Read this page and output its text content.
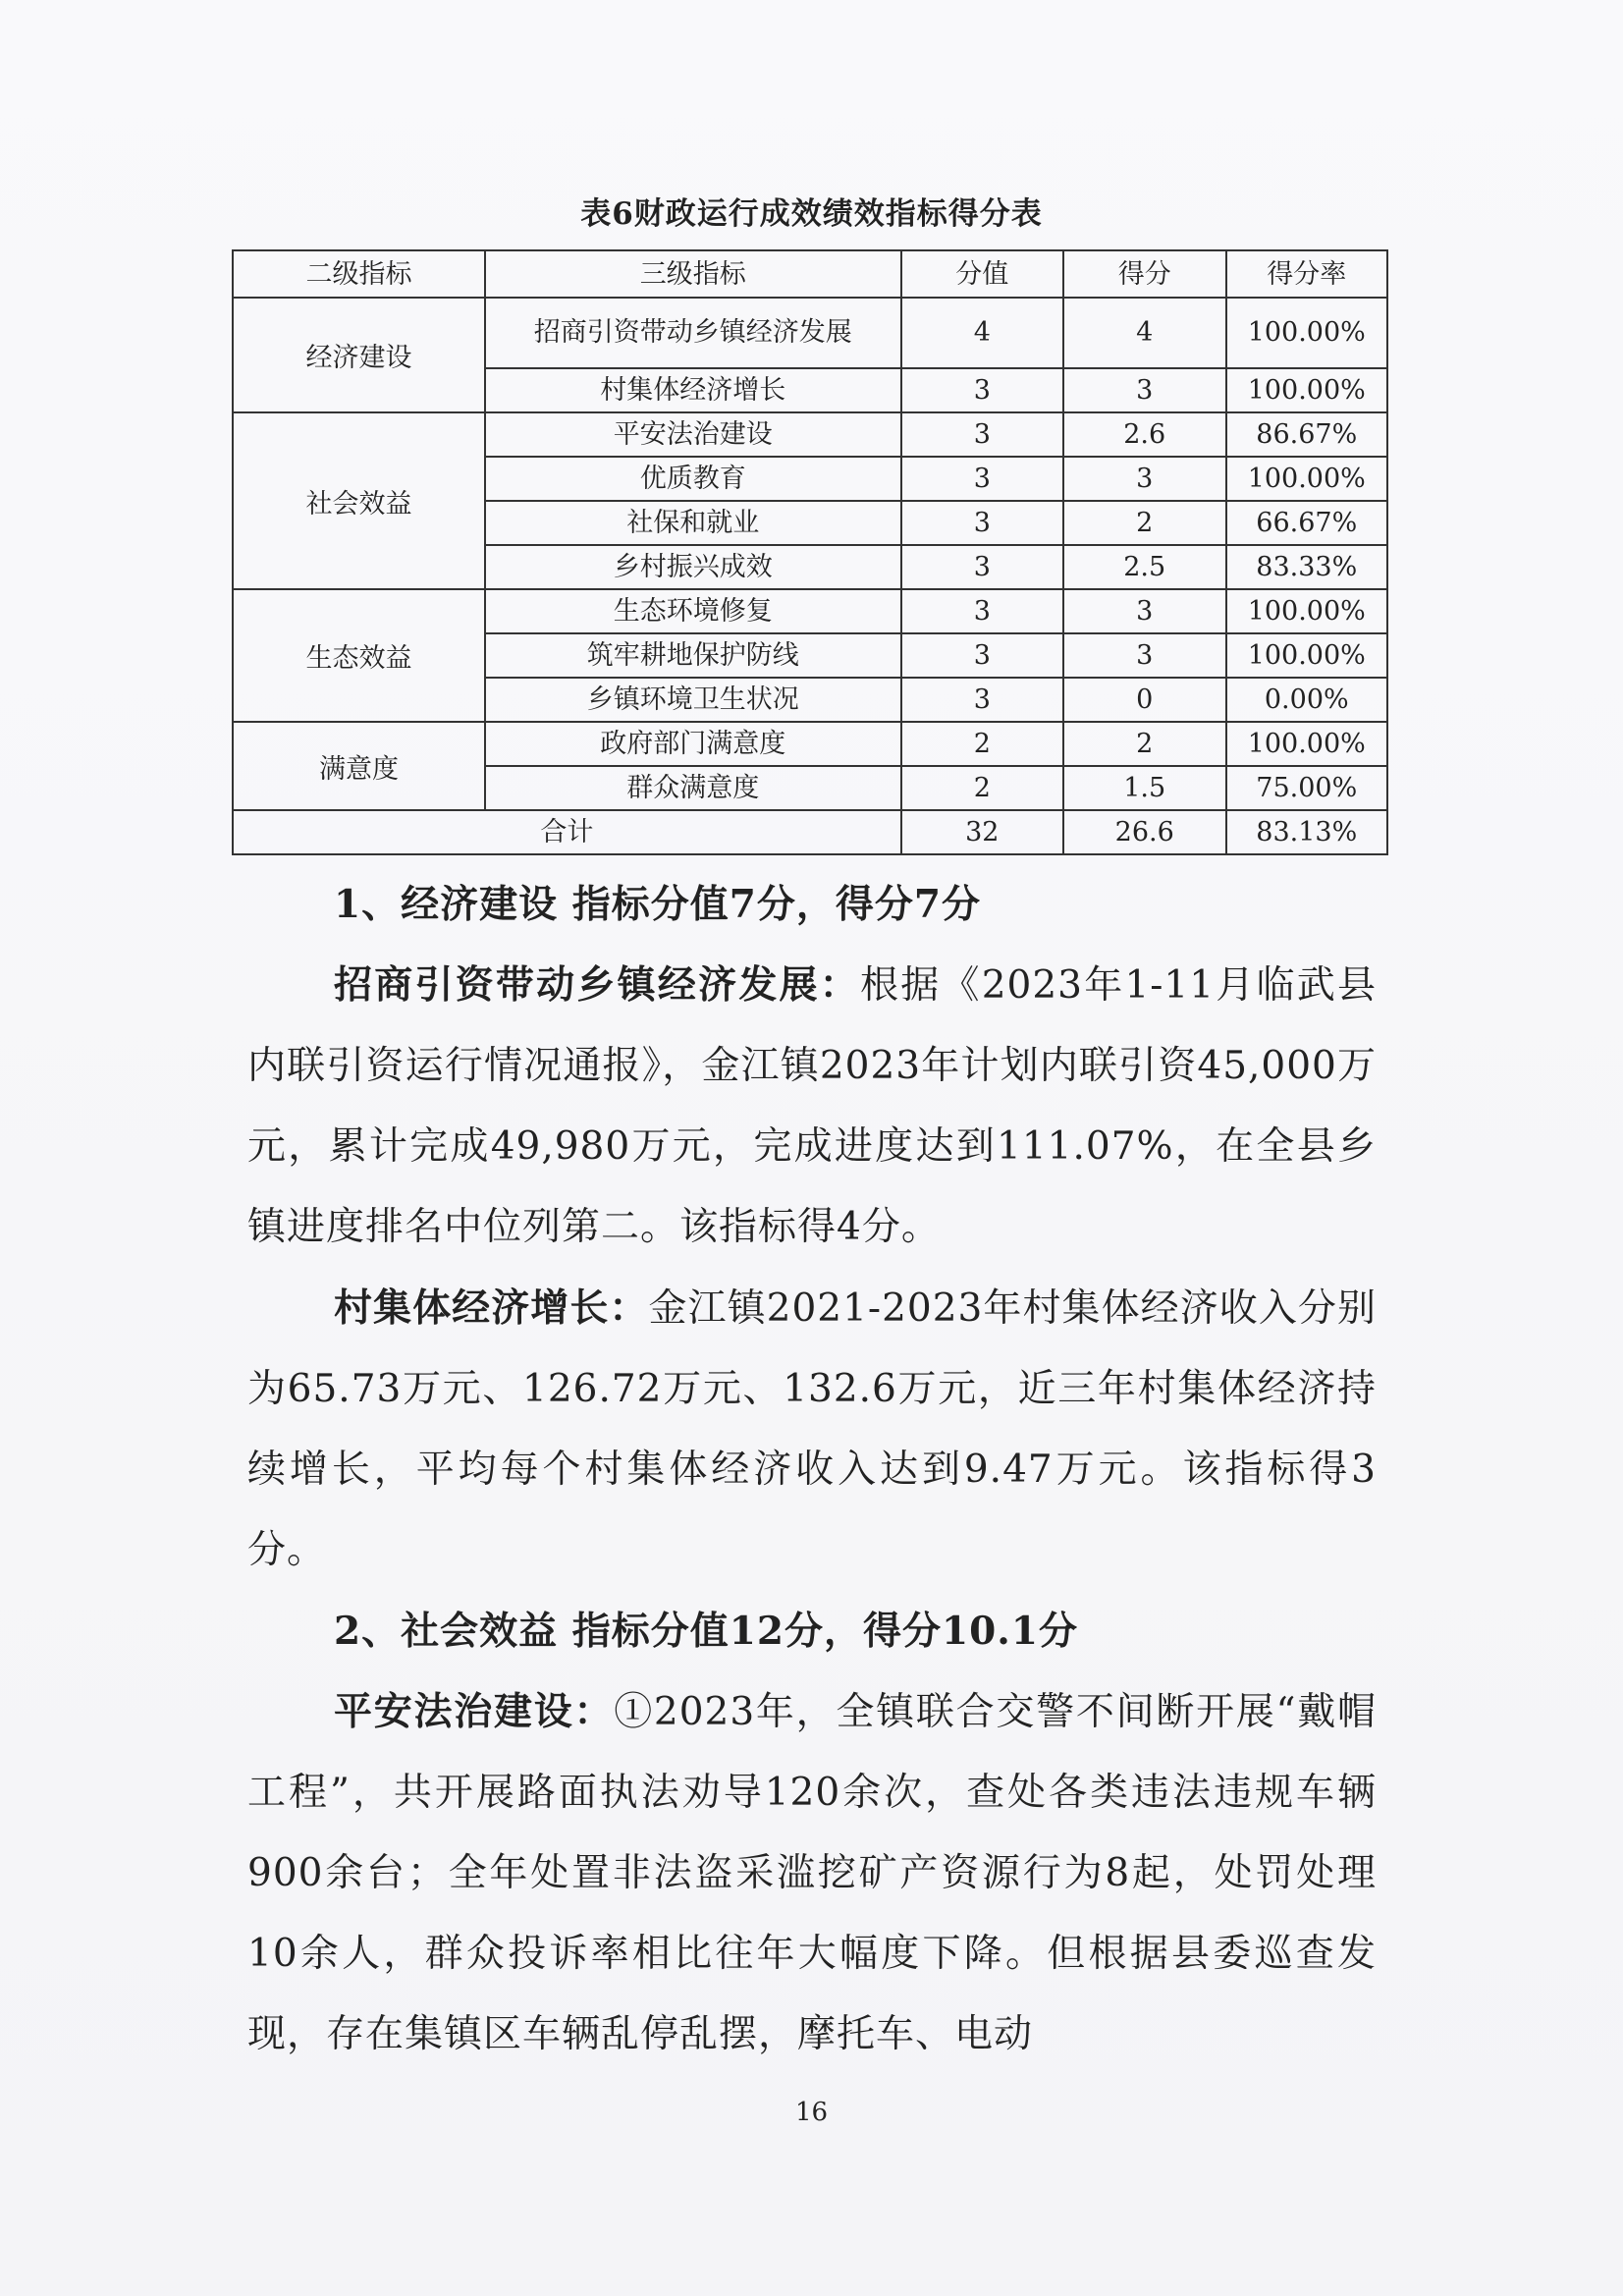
表6财政运行成效绩效指标得分表
二级指标	三级指标	分值	得分	得分率
经济建设	招商引资带动乡镇经济发展	4	4	100.00%
	村集体经济增长	3	3	100.00%
社会效益	平安法治建设	3	2.6	86.67%
	优质教育	3	3	100.00%
	社保和就业	3	2	66.67%
	乡村振兴成效	3	2.5	83.33%
生态效益	生态环境修复	3	3	100.00%
	筑牢耕地保护防线	3	3	100.00%
	乡镇环境卫生状况	3	0	0.00%
满意度	政府部门满意度	2	2	100.00%
	群众满意度	2	1.5	75.00%
合计		32	26.6	83.13%

1、经济建设 指标分值7分，得分7分

招商引资带动乡镇经济发展：根据《2023年1-11月临武县内联引资运行情况通报》，金江镇2023年计划内联引资45,000万元，累计完成49,980万元，完成进度达到111.07%，在全县乡镇进度排名中位列第二。该指标得4分。

村集体经济增长：金江镇2021-2023年村集体经济收入分别为65.73万元、126.72万元、132.6万元，近三年村集体经济持续增长，平均每个村集体经济收入达到9.47万元。该指标得3分。

2、社会效益 指标分值12分，得分10.1分

平安法治建设：①2023年，全镇联合交警不间断开展“戴帽工程”，共开展路面执法劝导120余次，查处各类违法违规车辆900余台；全年处置非法盗采滥挖矿产资源行为8起，处罚处理10余人，群众投诉率相比往年大幅度下降。但根据县委巡查发现，存在集镇区车辆乱停乱摆，摩托车、电动

16
